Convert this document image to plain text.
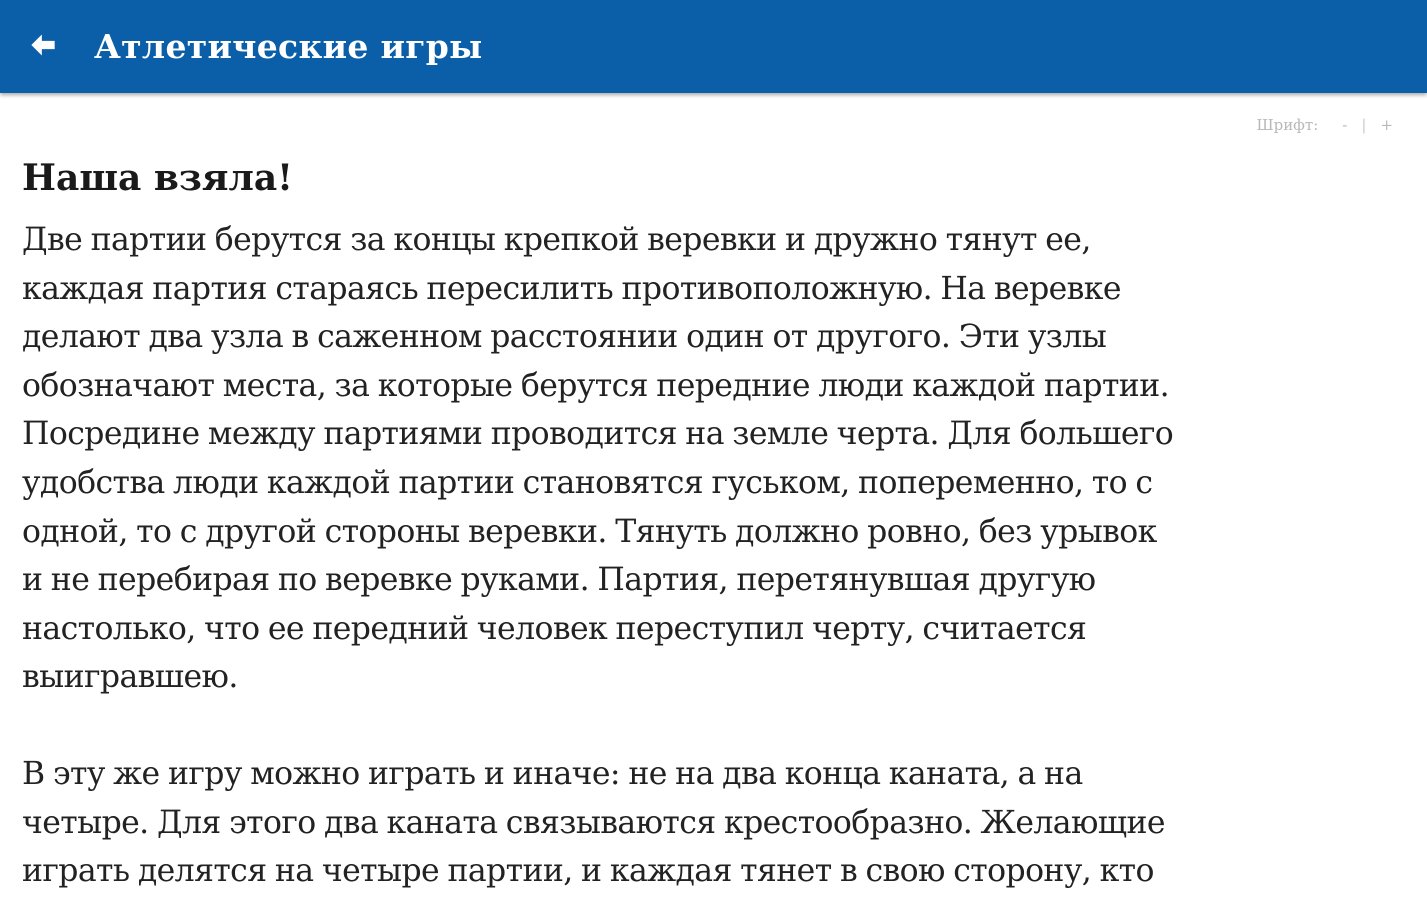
Атлетические игры
Шрифт: - | +
Наша взяла!

Две партии берутся за концы крепкой веревки и дружно тянут ее,
каждая партия стараясь пересилить противоположную. На веревке
делают два узла в саженном расстоянии один от другого. Эти узлы
обозначают места, за которые берутся передние люди каждой партии.
Посредине между партиями проводится на земле черта. Для большего
удобства люди каждой партии становятся гуськом, попеременно, то с
одной, то с другой стороны веревки. Тянуть должно ровно, без урывок
и не перебирая по веревке руками. Партия, перетянувшая другую
настолько, что ее передний человек переступил черту, считается
выигравшею.

В эту же игру можно играть и иначе: не на два конца каната, а на
четыре. Для этого два каната связываются крестообразно. Желающие
играть делятся на четыре партии, и каждая тянет в свою сторону, кто
